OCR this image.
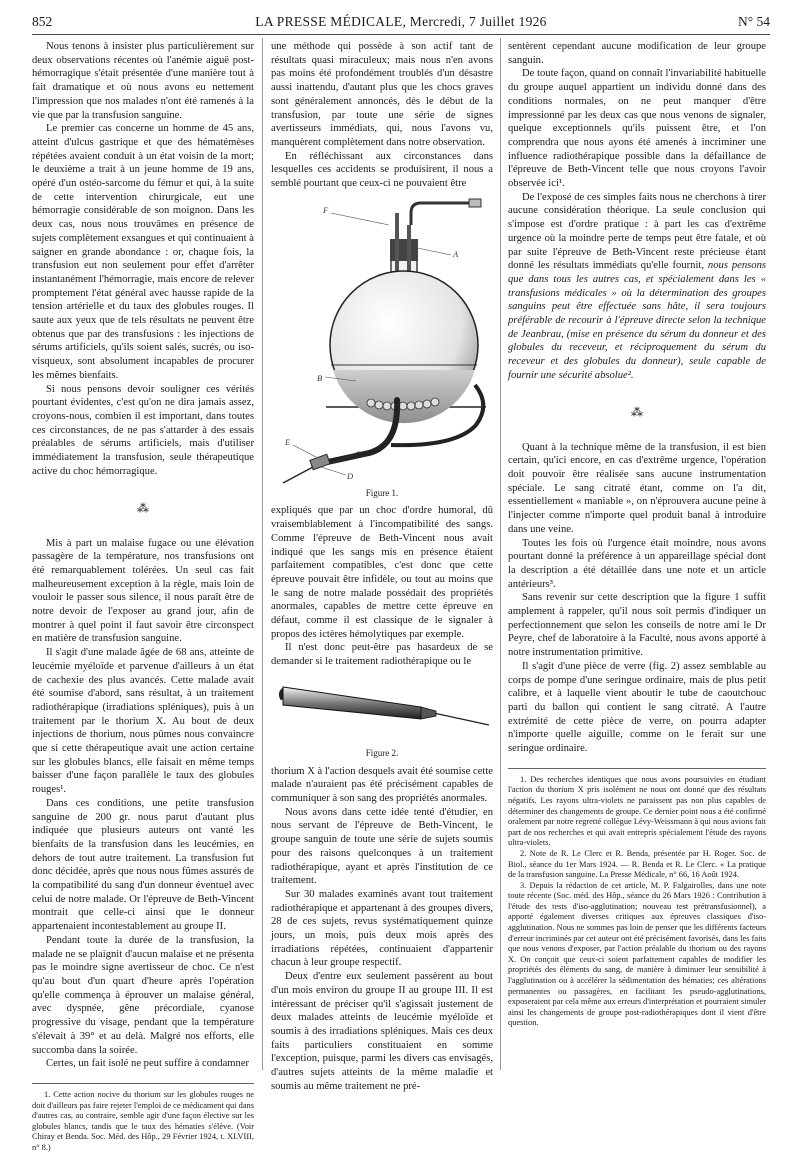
852	LA PRESSE MÉDICALE, Mercredi, 7 Juillet 1926	N° 54

Nous tenons à insister plus particulièrement sur deux observations récentes où l'anémie aiguë post-hémorragique s'était présentée d'une manière tout à fait dramatique et où nous avons eu nettement l'impression que nos malades n'ont été ramenés à la vie que par la transfusion sanguine.

Le premier cas concerne un homme de 45 ans, atteint d'ulcus gastrique et que des hématémèses répétées avaient conduit à un état voisin de la mort; le deuxième a trait à un jeune homme de 19 ans, opéré d'un ostéo-sarcome du fémur et qui, à la suite de cette intervention chirurgicale, eut une hémorragie considérable de son moignon. Dans les deux cas, nous nous trouvâmes en présence de sujets complètement exsangues et qui continuaient à saigner en grande abondance : or, chaque fois, la transfusion eut non seulement pour effet d'arrêter instantanément l'hémorragie, mais encore de relever promptement l'état général avec hausse rapide de la tension artérielle et du taux des globules rouges. Il saute aux yeux que de tels résultats ne peuvent être obtenus que par des transfusions : les injections de sérums artificiels, qu'ils soient salés, sucrés, ou iso-visqueux, sont absolument incapables de procurer les mêmes bienfaits.

Si nous pensons devoir souligner ces vérités pourtant évidentes, c'est qu'on ne dira jamais assez, croyons-nous, combien il est important, dans toutes ces circonstances, de ne pas s'attarder à des essais préalables de sérums artificiels, mais d'utiliser immédiatement la transfusion, seule thérapeutique active du choc hémorragique.

⁂

Mis à part un malaise fugace ou une élévation passagère de la température, nos transfusions ont été remarquablement tolérées. Un seul cas fait malheureusement exception à la règle, mais loin de vouloir le passer sous silence, il nous paraît être de notre devoir de l'exposer au grand jour, afin de montrer à quel point il faut savoir être circonspect en matière de transfusion sanguine.

Il s'agit d'une malade âgée de 68 ans, atteinte de leucémie myéloïde et parvenue d'ailleurs à un état de cachexie des plus avancés. Cette malade avait été soumise d'abord, sans résultat, à un traitement radiothérapique (irradiations spléniques), puis à un traitement par le thorium X. Au bout de deux injections de thorium, nous pûmes nous convaincre que si cette thérapeutique avait une action certaine sur les globules blancs, elle faisait en même temps baisser d'une façon parallèle le taux des globules rouges¹.

Dans ces conditions, une petite transfusion sanguine de 200 gr. nous parut d'autant plus indiquée que plusieurs auteurs ont vanté les bienfaits de la transfusion dans les leucémies, en dehors de tout autre traitement. La transfusion fut donc décidée, après que nous nous fûmes assurés de la compatibilité du sang d'un donneur éventuel avec celui de notre malade. Or l'épreuve de Beth-Vincent montrait que celle-ci ainsi que le donneur appartenaient incontestablement au groupe II.

Pendant toute la durée de la transfusion, la malade ne se plaignit d'aucun malaise et ne présenta pas le moindre signe avertisseur de choc. Ce n'est qu'au bout d'un quart d'heure après l'opération qu'elle commença à éprouver un malaise général, avec dyspnée, gêne précordiale, cyanose progressive du visage, pendant que la température s'élevait à 39° et au delà. Malgré nos efforts, elle succomba dans la soirée.

Certes, un fait isolé ne peut suffire à condamner

1. Cette action nocive du thorium sur les globules rouges ne doit d'ailleurs pas faire rejeter l'emploi de ce médicament qui dans d'autres cas, au contraire, semble agir d'une façon élective sur les globules blancs, tandis que le taux des hématies s'élève. (Voir Chiray et Benda. Soc. Méd. des Hôp., 29 Février 1924, t. XLVIII, n° 8.)

une méthode qui possède à son actif tant de résultats quasi miraculeux; mais nous n'en avons pas moins été profondément troublés d'un désastre aussi inattendu, d'autant plus que les chocs graves sont généralement annoncés, dès le début de la transfusion, par toute une série de signes avertisseurs immédiats, qui, nous l'avons vu, manquèrent complètement dans notre observation.

En réfléchissant aux circonstances dans lesquelles ces accidents se produisirent, il nous a semblé pourtant que ceux-ci ne pouvaient être

F
A
B
E
C
D
Figure 1.

expliqués que par un choc d'ordre humoral, dû vraisemblablement à l'incompatibilité des sangs. Comme l'épreuve de Beth-Vincent nous avait indiqué que les sangs mis en présence étaient parfaitement compatibles, c'est donc que cette épreuve pouvait être infidèle, ou tout au moins que le sang de notre malade possédait des propriétés anormales, capables de mettre cette épreuve en défaut, comme il est classique de le signaler à propos des ictères hémolytiques par exemple.

Il n'est donc peut-être pas hasardeux de se demander si le traitement radiothérapique ou le

Figure 2.

thorium X à l'action desquels avait été soumise cette malade n'auraient pas été précisément capables de communiquer à son sang des propriétés anormales.

Nous avons dans cette idée tenté d'étudier, en nous servant de l'épreuve de Beth-Vincent, le groupe sanguin de toute une série de sujets soumis pour des raisons quelconques à un traitement radiothérapique, ayant et après l'institution de ce traitement.

Sur 30 malades examinés avant tout traitement radiothérapique et appartenant à des groupes divers, 28 de ces sujets, revus systématiquement quinze jours, un mois, puis deux mois après des irradiations répétées, continuaient d'appartenir chacun à leur groupe respectif.

Deux d'entre eux seulement passèrent au bout d'un mois environ du groupe II au groupe III. Il est intéressant de préciser qu'il s'agissait justement de deux malades atteints de leucémie myéloïde et soumis à des irradiations spléniques. Mais ces deux faits particuliers constituaient en somme l'exception, puisque, parmi les divers cas envisagés, d'autres sujets atteints de la même maladie et soumis au même traitement ne pré-

sentèrent cependant aucune modification de leur groupe sanguin.

De toute façon, quand on connaît l'invariabilité habituelle du groupe auquel appartient un individu donné dans des conditions normales, on ne peut manquer d'être impressionné par les deux cas que nous venons de signaler, quelque exceptionnels qu'ils puissent être, et l'on comprendra que nous ayons été amenés à incriminer une influence radiothérapique possible dans la défaillance de l'épreuve de Beth-Vincent telle que nous croyons l'avoir observée ici¹.

De l'exposé de ces simples faits nous ne cherchons à tirer aucune considération théorique. La seule conclusion qui s'impose est d'ordre pratique : à part les cas d'extrême urgence où la moindre perte de temps peut être fatale, et où par suite l'épreuve de Beth-Vincent reste précieuse étant donné les résultats immédiats qu'elle fournit, nous pensons que dans tous les autres cas, et spécialement dans les « transfusions médicales » où la détermination des groupes sanguins peut être effectuée sans hâte, il sera toujours préférable de recourir à l'épreuve directe selon la technique de Jeanbrau, (mise en présence du sérum du donneur et des globules du receveur, et réciproquement du sérum du receveur et des globules du donneur), seule capable de fournir une sécurité absolue².

⁂

Quant à la technique même de la transfusion, il est bien certain, qu'ici encore, en cas d'extrême urgence, l'opération doit pouvoir être réalisée sans aucune instrumentation spéciale. Le sang citraté étant, comme on l'a dit, essentiellement « maniable », on n'éprouvera aucune peine à l'injecter comme n'importe quel produit banal à introduire dans une veine.

Toutes les fois où l'urgence était moindre, nous avons pourtant donné la préférence à un appareillage spécial dont la description a été détaillée dans une note et un article antérieurs³.

Sans revenir sur cette description que la figure 1 suffit amplement à rappeler, qu'il nous soit permis d'indiquer un perfectionnement que selon les conseils de notre ami le Dr Peyre, chef de laboratoire à la Faculté, nous avons apporté à notre instrumentation primitive.

Il s'agit d'une pièce de verre (fig. 2) assez semblable au corps de pompe d'une seringue ordinaire, mais de plus petit calibre, et à laquelle vient aboutir le tube de caoutchouc parti du ballon qui contient le sang citraté. A l'autre extrémité de cette pièce de verre, on pourra adapter n'importe quelle aiguille, comme on le ferait sur une seringue ordinaire.

1. Des recherches identiques que nous avons poursuivies en étudiant l'action du thorium X pris isolément ne nous ont donné que des résultats négatifs. Les rayons ultra-violets ne paraissent pas non plus capables de déterminer des changements de groupe. Ce dernier point nous a été confirmé oralement par notre regretté collègue Lévy-Weissmann à qui nous avions fait part de nos recherches et qui avait entrepris spécialement l'étude des rayons ultra-violets.

2. Note de R. Le Clerc et R. Benda, présentée par H. Roger. Soc. de Biol., séance du 1er Mars 1924. — R. Benda et R. Le Clerc. « La pratique de la transfusion sanguine. La Presse Médicale, n° 66, 16 Août 1924.

3. Depuis la rédaction de cet article, M. P. Falgairolles, dans une note toute récente (Soc. méd. des Hôp., séance du 26 Mars 1926 : Contribution à l'étude des tests d'iso-agglutination; nouveau test prétransfusionnel), a apporté également diverses critiques aux épreuves classiques d'iso-agglutination. Nous ne sommes pas loin de penser que les différents facteurs d'erreur incriminés par cet auteur ont été précisément favorisés, dans les faits que nous venons d'exposer, par l'action préalable du thorium ou des rayons X. On conçoit que ceux-ci soient parfaitement capables de modifier les propriétés des éléments du sang, de manière à diminuer leur sensibilité à l'agglutination ou à accélérer la sédimentation des hématies; ces altérations permanentes ou passagères, en facilitant les pseudo-agglutinations, exposeraient par cela même aux erreurs d'interprétation et pourraient simuler ainsi les changements de groupe post-radiothérapiques dont il vient d'être question.
